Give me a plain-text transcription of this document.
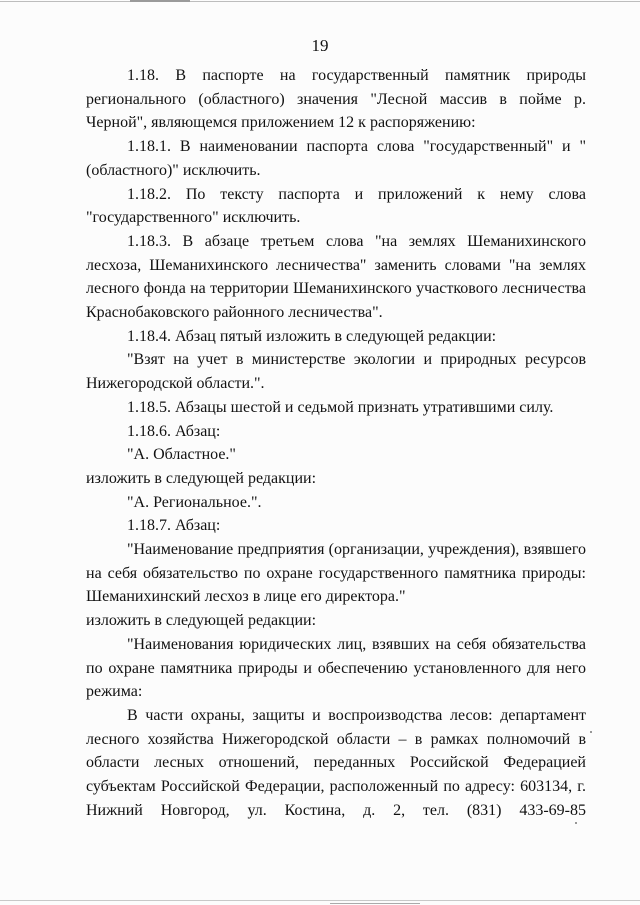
19

1.18. В паспорте на государственный памятник природы регионального (областного) значения "Лесной массив в пойме р. Черной", являющемся приложением 12 к распоряжению:

1.18.1. В наименовании паспорта слова "государственный" и "(областного)" исключить.

1.18.2. По тексту паспорта и приложений к нему слова "государственного" исключить.

1.18.3. В абзаце третьем слова "на землях Шеманихинского лесхоза, Шеманихинского лесничества" заменить словами "на землях лесного фонда на территории Шеманихинского участкового лесничества Краснобаковского районного лесничества".

1.18.4. Абзац пятый изложить в следующей редакции:

"Взят на учет в министерстве экологии и природных ресурсов Нижегородской области.".

1.18.5. Абзацы шестой и седьмой признать утратившими силу.

1.18.6. Абзац:

"А. Областное."

изложить в следующей редакции:

"А. Региональное.".

1.18.7. Абзац:

"Наименование предприятия (организации, учреждения), взявшего на себя обязательство по охране государственного памятника природы: Шеманихинский лесхоз в лице его директора."

изложить в следующей редакции:

"Наименования юридических лиц, взявших на себя обязательства по охране памятника природы и обеспечению установленного для него режима:

В части охраны, защиты и воспроизводства лесов: департамент лесного хозяйства Нижегородской области – в рамках полномочий в области лесных отношений, переданных Российской Федерацией субъектам Российской Федерации, расположенный по адресу: 603134, г. Нижний Новгород, ул. Костина, д. 2, тел. (831) 433-69-85
